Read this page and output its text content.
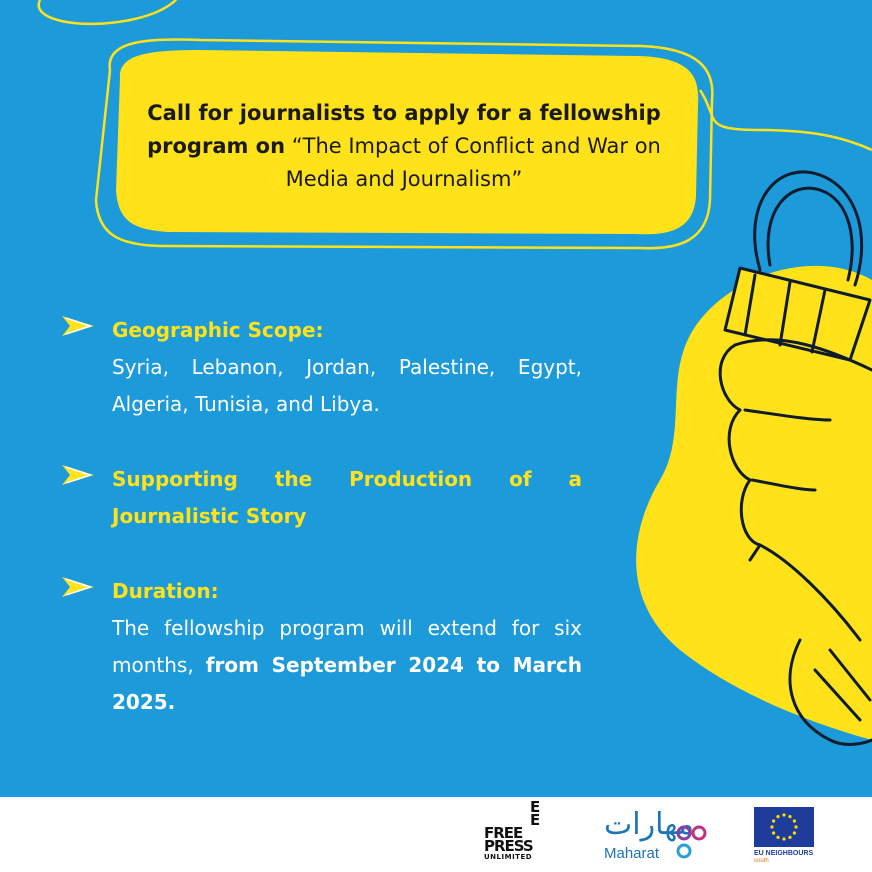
Call for journalists to apply for a fellowship program on “The Impact of Conflict and War on Media and Journalism”

Geographic Scope:

Syria, Lebanon, Jordan, Palestine, Egypt, Algeria, Tunisia, and Libya.

Supporting the Production of a Journalistic Story

Duration:

The fellowship program will extend for six months, from September 2024 to March 2025.

E
E
FREE
PRESS
UNLIMITED
مهارات
Maharat	EU NEIGHBOURS
south
